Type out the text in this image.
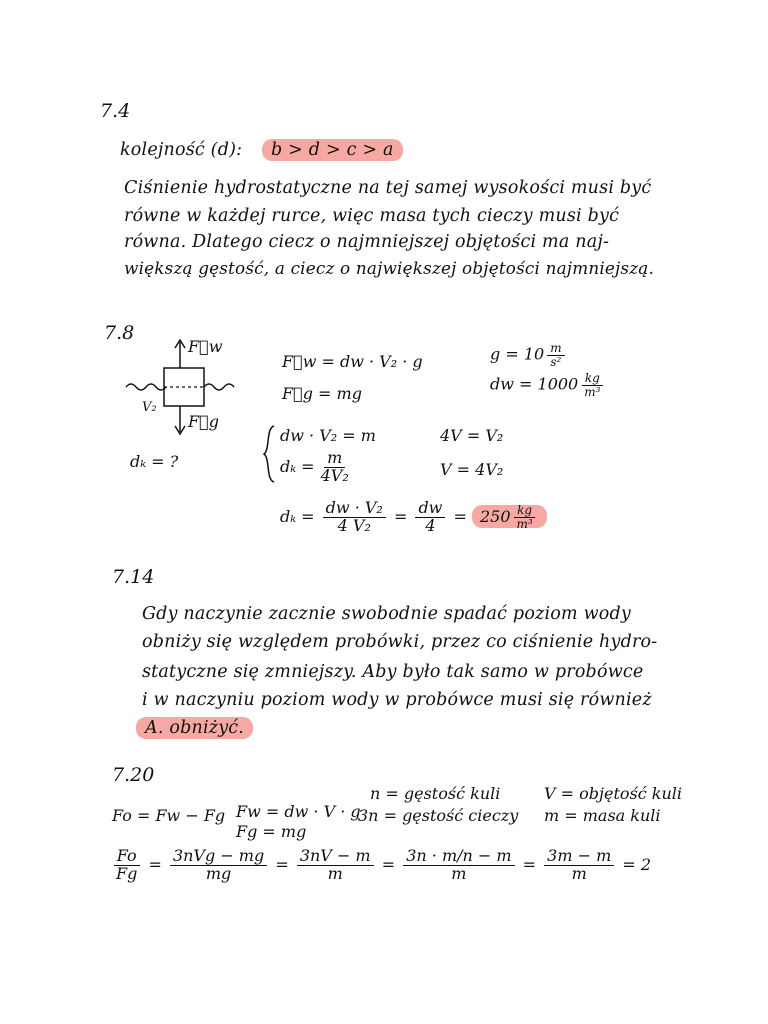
7.4
kolejność (d): b > d > c > a
Ciśnienie hydrostatyczne na tej samej wysokości musi być
równe w każdej rurce, więc masa tych cieczy musi być
równa. Dlatego ciecz o najmniejszej objętości ma naj-
większą gęstość, a ciecz o największej objętości najmniejszą.
7.8
F⃗w
F⃗g
V₂
dₖ = ?
F⃗w = dw · V₂ · g
F⃗g = mg
$g = 10 \frac{m}{\text{s²}}$
dw = $1000 \frac{kg}{\text{m³}}$
dw · V₂ = m
$d_k = \frac{m}{\text{4V₂}}$
4V = V₂
V = 4V₂
$d_k = \frac{\text{dw · V₂}}{\text{4 V₂}} = \frac{dw}{4} = 250 \frac{kg}{\text{m³}}$
7.14
Gdy naczynie zacznie swobodnie spadać poziom wody
obniży się względem probówki, przez co ciśnienie hydro-
statyczne się zmniejszy. Aby było tak samo w probówce
i w naczyniu poziom wody w probówce musi się również
A. obniżyć.
7.20
n = gęstość kuli
3n = gęstość cieczy
V = objętość kuli
m = masa kuli
Fo = Fw − Fg Fw = dw · V · g
Fg = mg
$\frac{Fo}{Fg} = \frac{\text{3nVg − mg}}{mg} = \frac{3nV - m}{m} = \frac{3n \cdot m/n - m}{m} = \frac{3m - m}{m} = 2$
